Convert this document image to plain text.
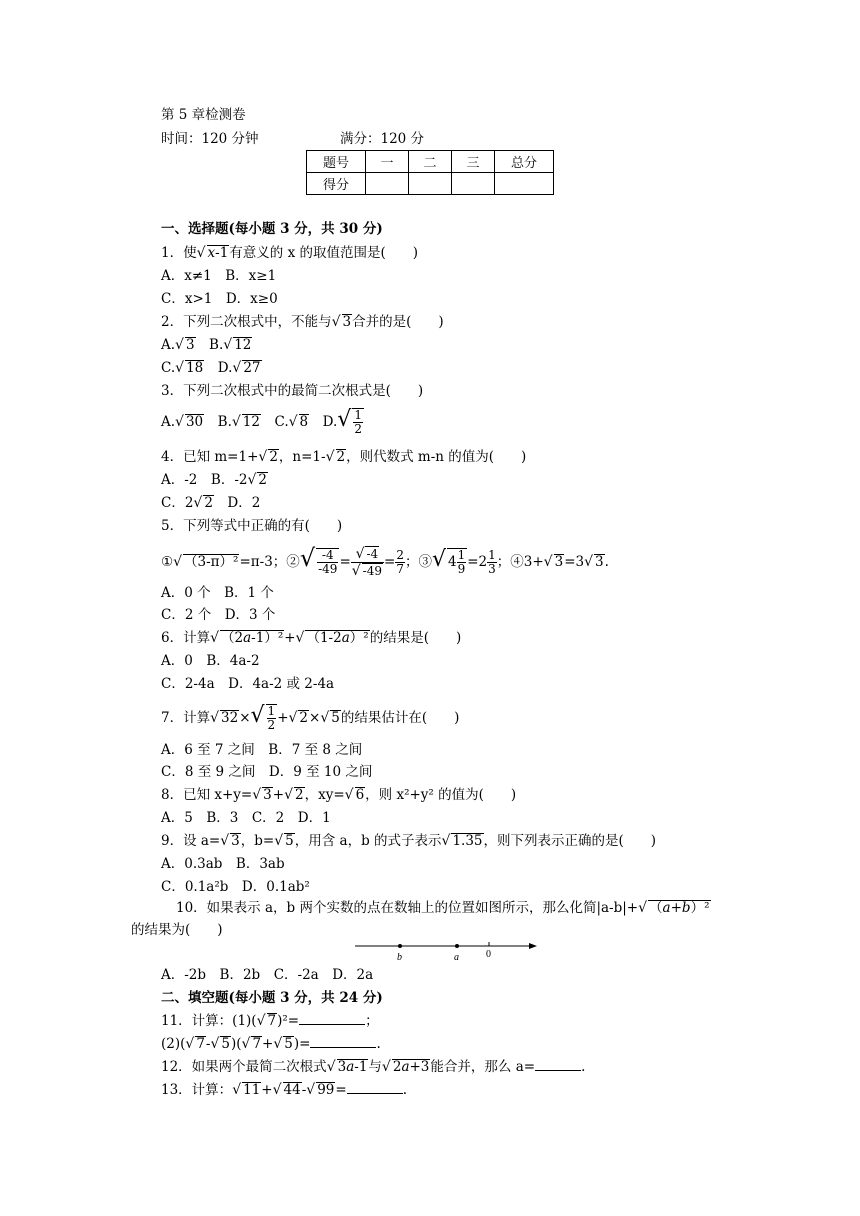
第 5 章检测卷
时间：120 分钟	满分：120 分
题号	一	二	三	总分
得分				
一、选择题(每小题 3 分，共 30 分)
1．使√ x-1有意义的 x 的取值范围是(　　)
A．x≠1　B．x≥1
C．x>1　D．x≥0
2．下列二次根式中，不能与√ 3合并的是(　　)
A.√ 3　B.√ 12
C.√ 18　D.√ 27
3．下列二次根式中的最简二次根式是(　　)
A.√ 30　B.√ 12　C.√ 8　$D.√ \frac{1}{2}$
4．已知 m=1+√ 2，n=1-√ 2，则代数式 m-n 的值为(　　)
A．-2　B．-2√ 2
C．2√ 2　D．2
5．下列等式中正确的有(　　)
①√ （3-π）²=π-3；②√ $\frac{-4}{-49} = \frac{√ -4}{√ -49} = \frac{2}{7}$ ；③√ $4 \frac{1}{9} =2 \frac{1}{3}$ ；④3+√ 3=3√ 3.
A．0 个　B．1 个
C．2 个　D．3 个
6．计算√ （2a-1）²+√ （1-2a）²的结果是(　　)
A．0　B．4a-2
C．2-4a　D．4a-2 或 2-4a
7．计算√ $32\times√ \frac{1}{2}$ +√ 2×√ 5的结果估计在(　　)
A．6 至 7 之间　B．7 至 8 之间
C．8 至 9 之间　D．9 至 10 之间
8．已知 x+y=√ 3+√ 2，xy=√ 6，则 x²+y² 的值为(　　)
A．5　B．3　C．2　D．1
9．设 a=√ 3，b=√ 5，用含 a，b 的式子表示√ 1.35，则下列表示正确的是(　　)
A．0.3ab　B．3ab
C．0.1a²b　D．0.1ab²
10．如果表示 a，b 两个实数的点在数轴上的位置如图所示，那么化简|a-b|+√ （a+b）²
的结果为(　　)
b	a	0
A．-2b　B．2b　C．-2a　D．2a
二、填空题(每小题 3 分，共 24 分)
11．计算：(1)(√ 7)²=	；
(2)(√ 7-√ 5)(√ 7+√ 5)=	.
12．如果两个最简二次根式√ 3a-1与√ 2a+3能合并，那么 a=	.
13．计算：√ 11+√ 44-√ 99=	.
